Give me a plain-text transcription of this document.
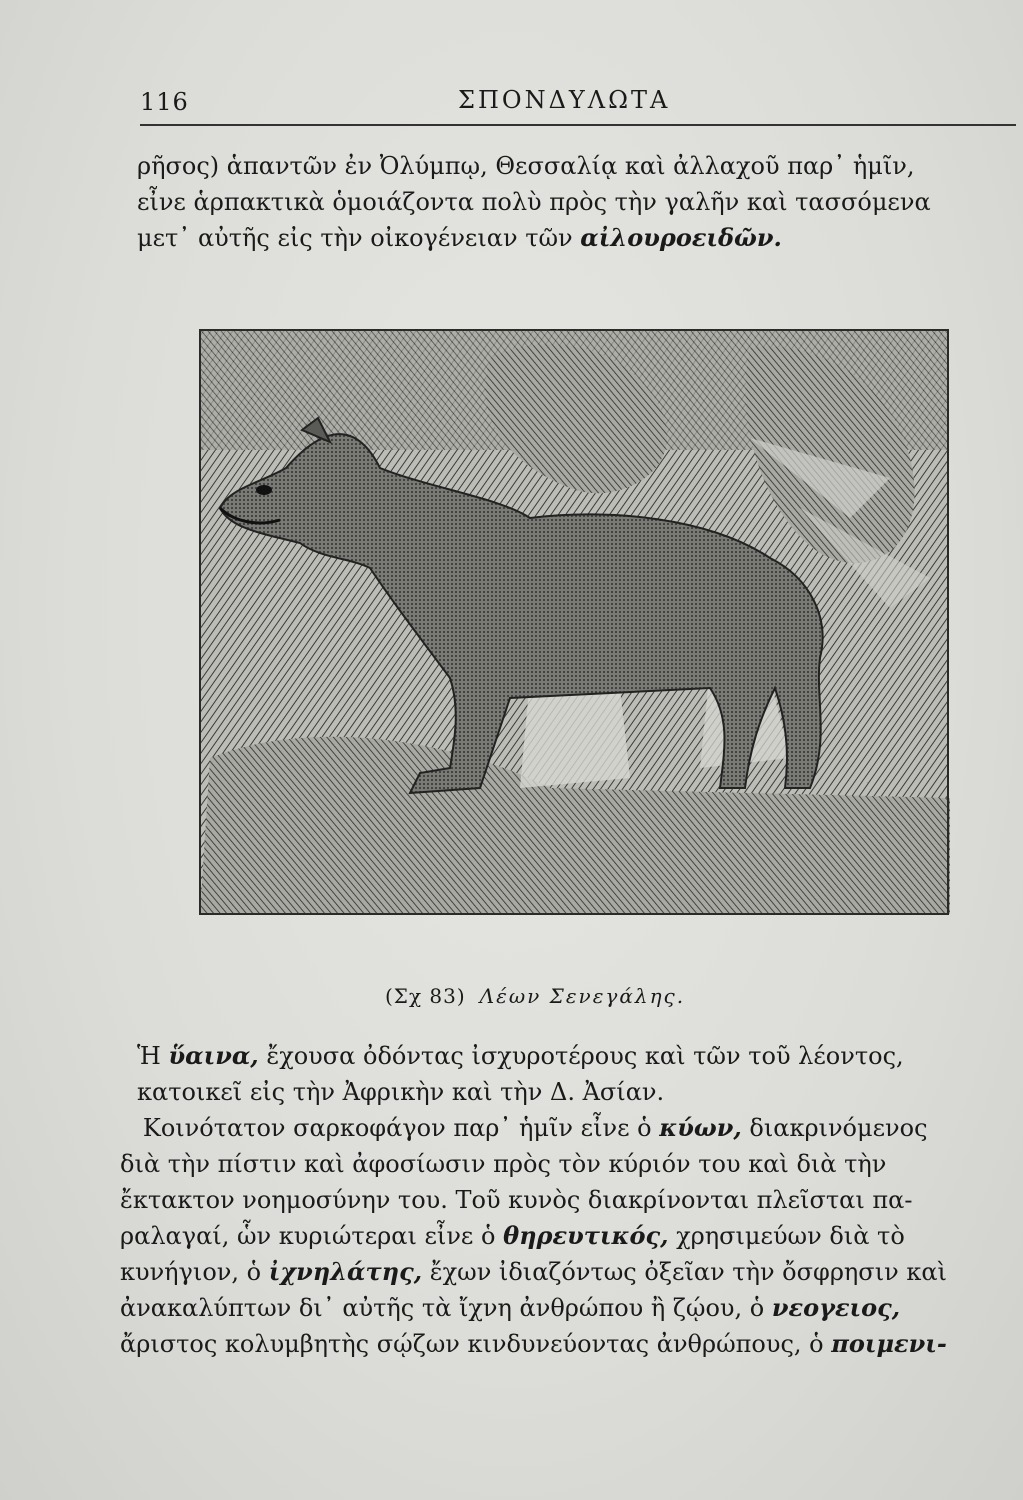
116	ΣΠΟΝΔΥΛΩΤΑ
ρῆσος) ἁπαντῶν ἐν Ὀλύμπῳ, Θεσσαλίᾳ καὶ ἀλλαχοῦ παρ᾽ ἡμῖν,
εἶνε ἁρπακτικὰ ὁμοιάζοντα πολὺ πρὸς τὴν γαλῆν καὶ τασσόμενα
μετ᾽ αὐτῆς εἰς τὴν οἰκογένειαν τῶν αἰλουροειδῶν.
(Σχ 83) Λέων Σενεγάλης.
Ἡ ὕαινα, ἔχουσα ὀδόντας ἰσχυροτέρους καὶ τῶν τοῦ λέοντος,
κατοικεῖ εἰς τὴν Ἀφρικὴν καὶ τὴν Δ. Ἀσίαν.
Κοινότατον σαρκοφάγον παρ᾽ ἡμῖν εἶνε ὁ κύων, διακρινόμενος
διὰ τὴν πίστιν καὶ ἀφοσίωσιν πρὸς τὸν κύριόν του καὶ διὰ τὴν
ἔκτακτον νοημοσύνην του. Τοῦ κυνὸς διακρίνονται πλεῖσται πα-
ραλαγαί, ὧν κυριώτεραι εἶνε ὁ θηρευτικός, χρησιμεύων διὰ τὸ
κυνήγιον, ὁ ἰχνηλάτης, ἔχων ἰδιαζόντως ὀξεῖαν τὴν ὄσφρησιν καὶ
ἀνακαλύπτων δι᾽ αὐτῆς τὰ ἴχνη ἀνθρώπου ἢ ζῴου, ὁ νεογειος,
ἄριστος κολυμβητὴς σῴζων κινδυνεύοντας ἀνθρώπους, ὁ ποιμενι-
